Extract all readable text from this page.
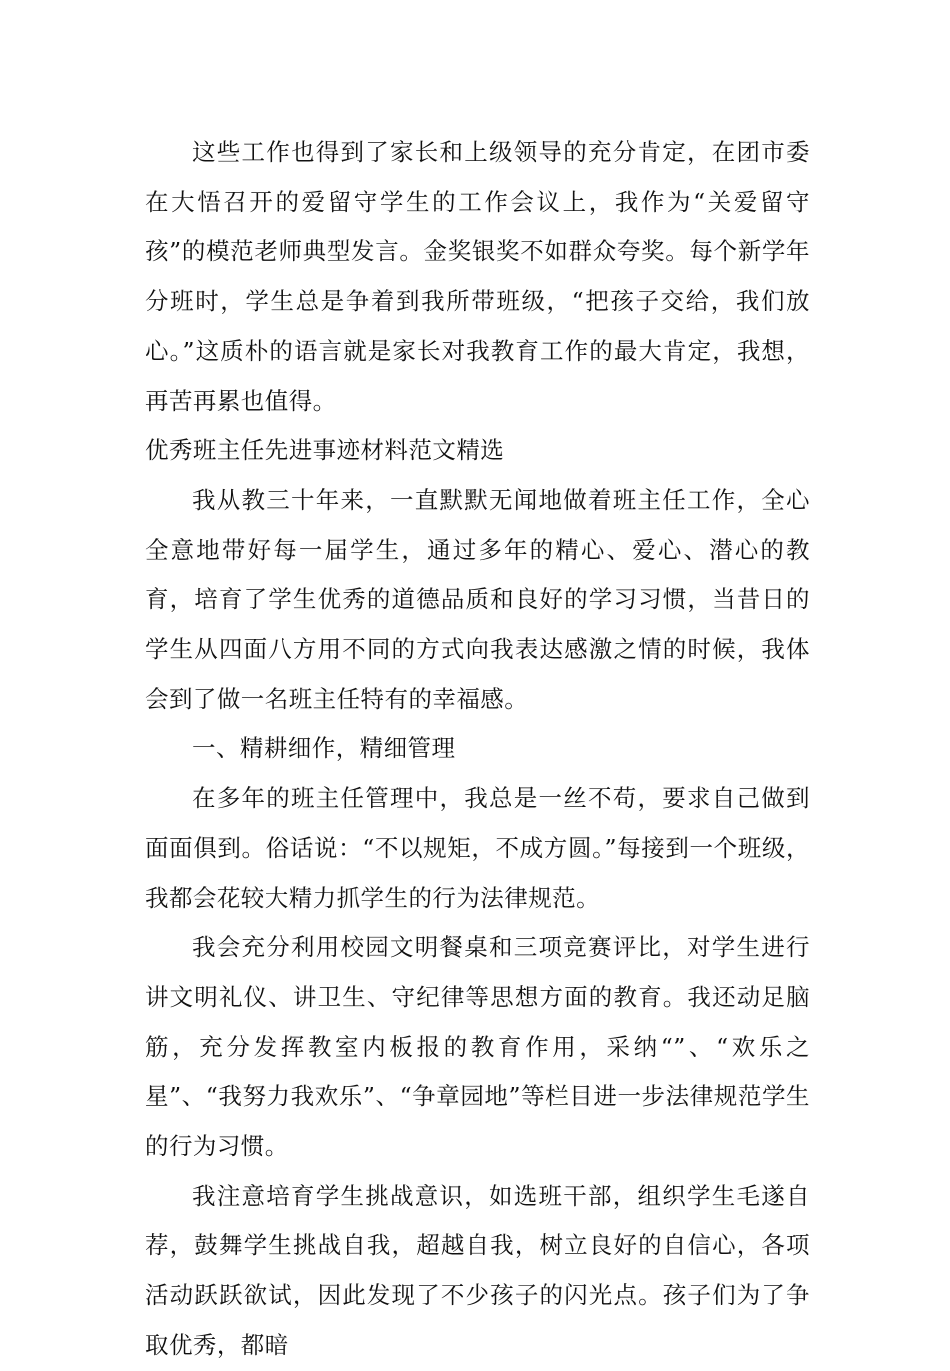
这些工作也得到了家长和上级领导的充分肯定，在团市委在大悟召开的爱留守学生的工作会议上，我作为“关爱留守孩”的模范老师典型发言。金奖银奖不如群众夸奖。每个新学年分班时，学生总是争着到我所带班级，“把孩子交给，我们放心。”这质朴的语言就是家长对我教育工作的最大肯定，我想，再苦再累也值得。

优秀班主任先进事迹材料范文精选

我从教三十年来，一直默默无闻地做着班主任工作，全心全意地带好每一届学生，通过多年的精心、爱心、潜心的教育，培育了学生优秀的道德品质和良好的学习习惯，当昔日的学生从四面八方用不同的方式向我表达感激之情的时候，我体会到了做一名班主任特有的幸福感。

一、精耕细作，精细管理

在多年的班主任管理中，我总是一丝不苟，要求自己做到面面俱到。俗话说：“不以规矩，不成方圆。”每接到一个班级，我都会花较大精力抓学生的行为法律规范。

我会充分利用校园文明餐桌和三项竞赛评比，对学生进行讲文明礼仪、讲卫生、守纪律等思想方面的教育。我还动足脑筋，充分发挥教室内板报的教育作用，采纳“”、“欢乐之星”、“我努力我欢乐”、“争章园地”等栏目进一步法律规范学生的行为习惯。

我注意培育学生挑战意识，如选班干部，组织学生毛遂自荐，鼓舞学生挑战自我，超越自我，树立良好的自信心，各项活动跃跃欲试，因此发现了不少孩子的闪光点。孩子们为了争取优秀，都暗
